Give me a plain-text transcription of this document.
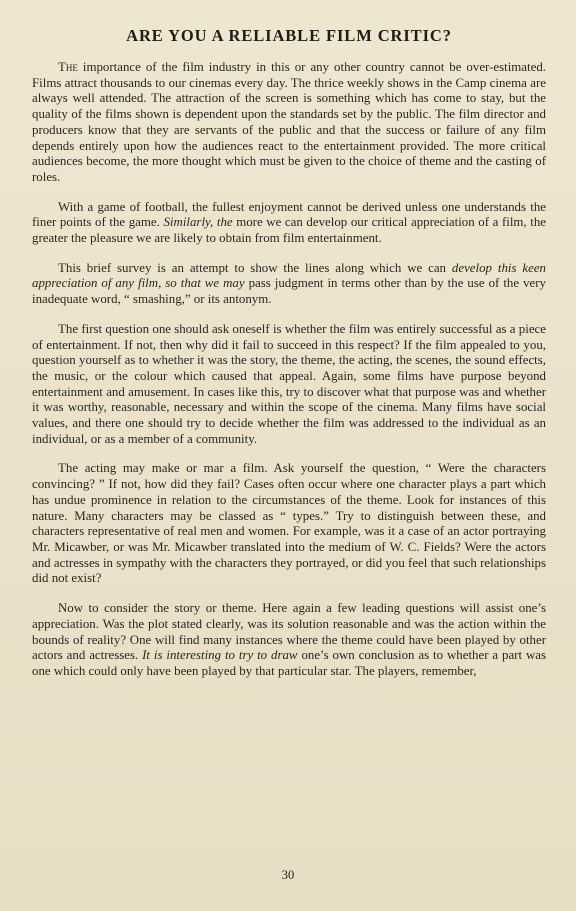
ARE YOU A RELIABLE FILM CRITIC?

The importance of the film industry in this or any other country cannot be over-estimated. Films attract thousands to our cinemas every day. The thrice weekly shows in the Camp cinema are always well attended. The attraction of the screen is something which has come to stay, but the quality of the films shown is dependent upon the standards set by the public. The film director and producers know that they are servants of the public and that the success or failure of any film depends entirely upon how the audiences react to the entertainment provided. The more critical audiences become, the more thought which must be given to the choice of theme and the casting of roles.

With a game of football, the fullest enjoyment cannot be derived unless one understands the finer points of the game. Similarly, the more we can develop our critical appreciation of a film, the greater the pleasure we are likely to obtain from film entertainment.

This brief survey is an attempt to show the lines along which we can develop this keen appreciation of any film, so that we may pass judgment in terms other than by the use of the very inadequate word, “ smashing,” or its antonym.

The first question one should ask oneself is whether the film was entirely successful as a piece of entertainment. If not, then why did it fail to succeed in this respect? If the film appealed to you, question yourself as to whether it was the story, the theme, the acting, the scenes, the sound effects, the music, or the colour which caused that appeal. Again, some films have purpose beyond entertainment and amusement. In cases like this, try to discover what that purpose was and whether it was worthy, reasonable, necessary and within the scope of the cinema. Many films have social values, and there one should try to decide whether the film was addressed to the individual as an individual, or as a member of a community.

The acting may make or mar a film. Ask yourself the question, “ Were the characters convincing? ” If not, how did they fail? Cases often occur where one character plays a part which has undue prominence in relation to the circumstances of the theme. Look for instances of this nature. Many characters may be classed as “ types.” Try to distinguish between these, and characters representative of real men and women. For example, was it a case of an actor portraying Mr. Micawber, or was Mr. Micawber translated into the medium of W. C. Fields? Were the actors and actresses in sympathy with the characters they portrayed, or did you feel that such relationships did not exist?

Now to consider the story or theme. Here again a few leading questions will assist one’s appreciation. Was the plot stated clearly, was its solution reasonable and was the action within the bounds of reality? One will find many instances where the theme could have been played by other actors and actresses. It is interesting to try to draw one’s own conclusion as to whether a part was one which could only have been played by that particular star. The players, remember,

30
